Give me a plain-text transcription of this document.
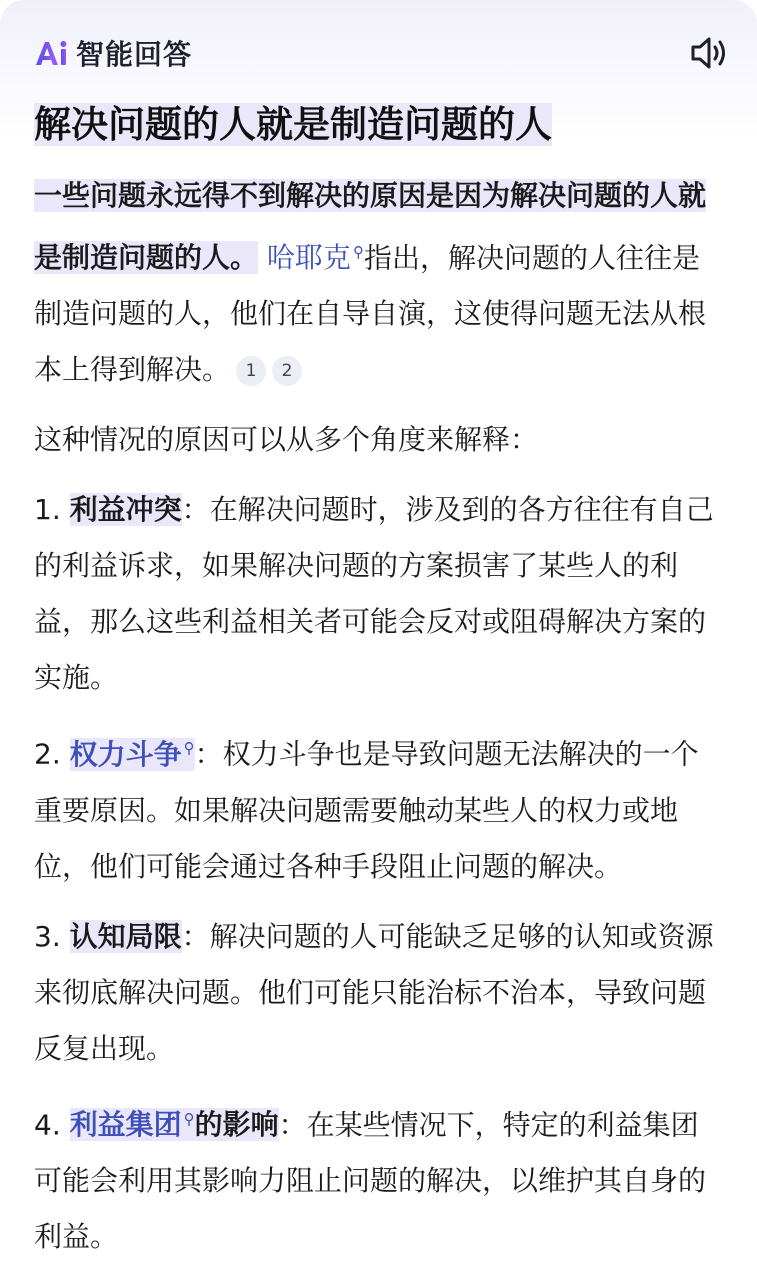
智能回答
解决问题的人就是制造问题的人

一些问题永远得不到解决的原因是因为解决问题的人就是制造问题的人。 哈耶克 ⚲指出，解决问题的人往往是制造问题的人，他们在自导自演，这使得问题无法从根本上得到解决。 1 2

这种情况的原因可以从多个角度来解释：

1. 利益冲突：在解决问题时，涉及到的各方往往有自己的利益诉求，如果解决问题的方案损害了某些人的利益，那么这些利益相关者可能会反对或阻碍解决方案的实施。

2. 权力斗争 ⚲：权力斗争也是导致问题无法解决的一个重要原因。如果解决问题需要触动某些人的权力或地位，他们可能会通过各种手段阻止问题的解决。

3. 认知局限：解决问题的人可能缺乏足够的认知或资源来彻底解决问题。他们可能只能治标不治本，导致问题反复出现。

4. 利益集团 ⚲的影响：在某些情况下，特定的利益集团可能会利用其影响力阻止问题的解决，以维护其自身的利益。
